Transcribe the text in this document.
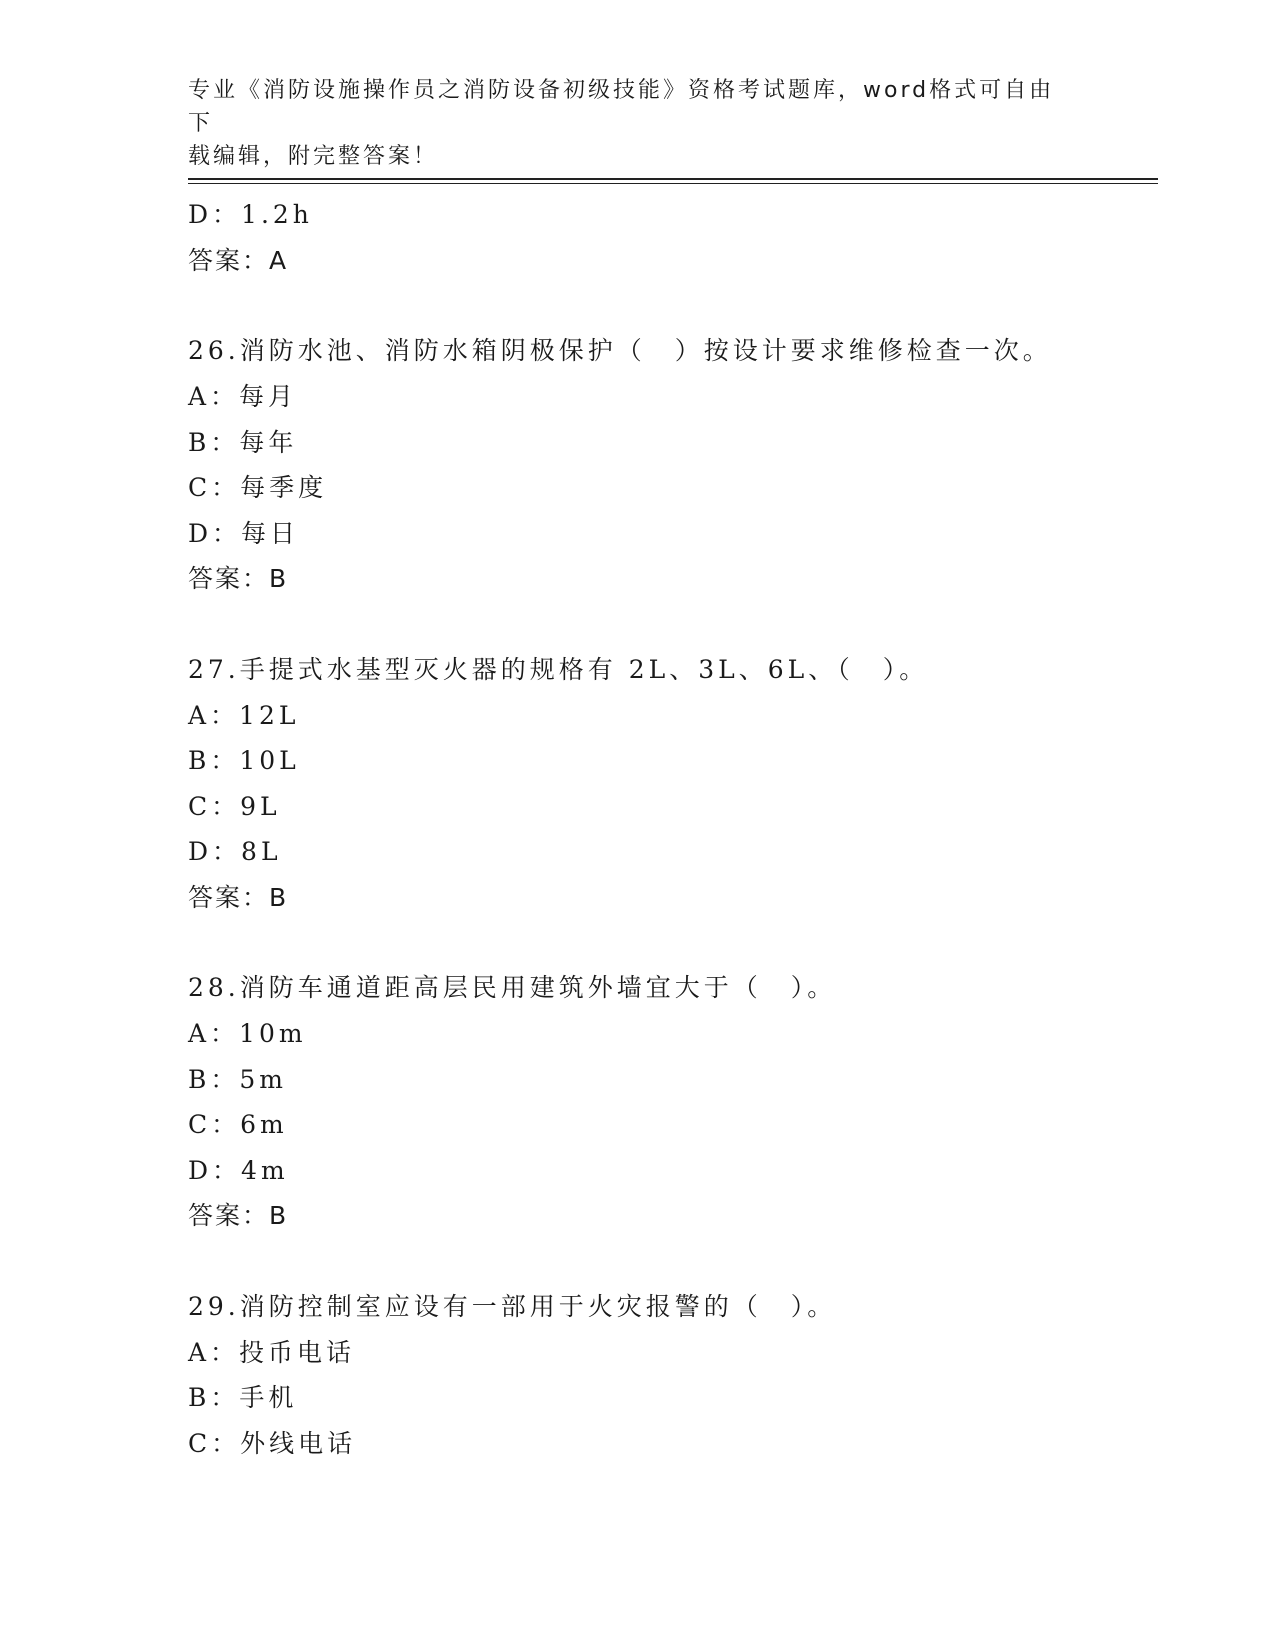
专业《消防设施操作员之消防设备初级技能》资格考试题库，word格式可自由下
载编辑，附完整答案！
D：1.2h
答案：A
26.消防水池、消防水箱阴极保护（　）按设计要求维修检查一次。
A：每月
B：每年
C：每季度
D：每日
答案：B
27.手提式水基型灭火器的规格有 2L、3L、6L、（　）。
A：12L
B：10L
C：9L
D：8L
答案：B
28.消防车通道距高层民用建筑外墙宜大于（　）。
A：10m
B：5m
C：6m
D：4m
答案：B
29.消防控制室应设有一部用于火灾报警的（　）。
A：投币电话
B：手机
C：外线电话
